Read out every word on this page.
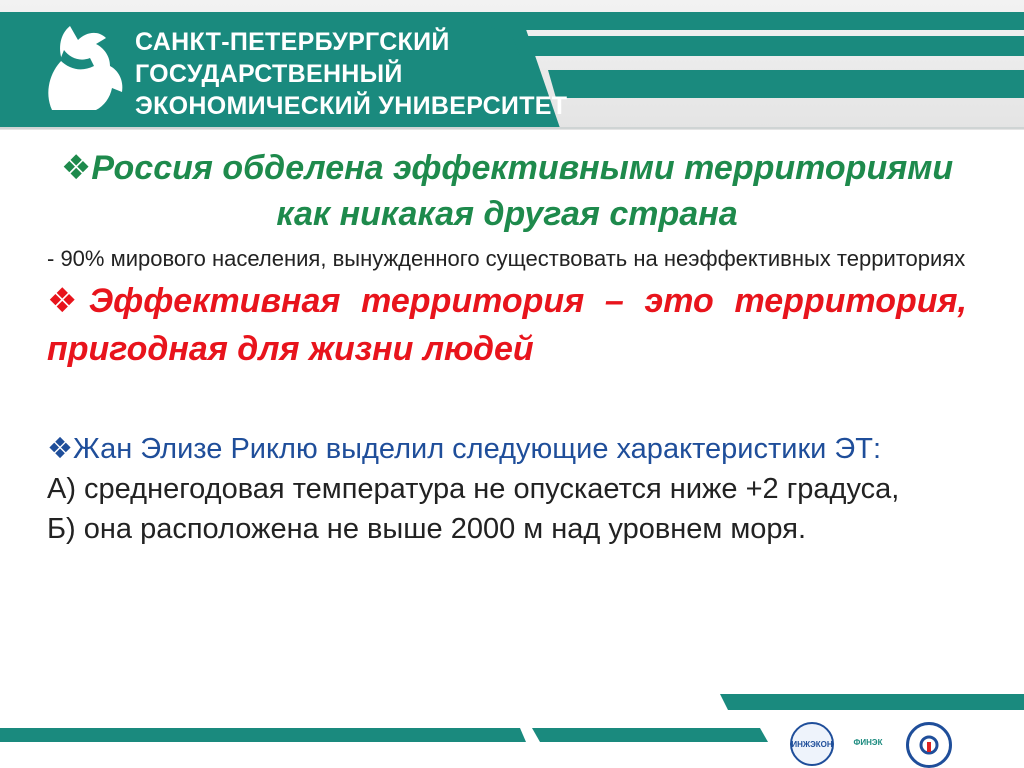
САНКТ-ПЕТЕРБУРГСКИЙ
ГОСУДАРСТВЕННЫЙ
ЭКОНОМИЧЕСКИЙ УНИВЕРСИТЕТ

❖Россия обделена эффективными территориями как никакая другая страна

- 90% мирового населения, вынужденного существовать на неэффективных территориях

❖Эффективная территория – это территория, пригодная для жизни людей

❖Жан Элизе Риклю выделил следующие характеристики ЭТ:

А) среднегодовая температура не опускается ниже +2 градуса,

Б) она расположена не выше 2000 м над уровнем моря.

ИНЖЭКОН	ФИНЭК
